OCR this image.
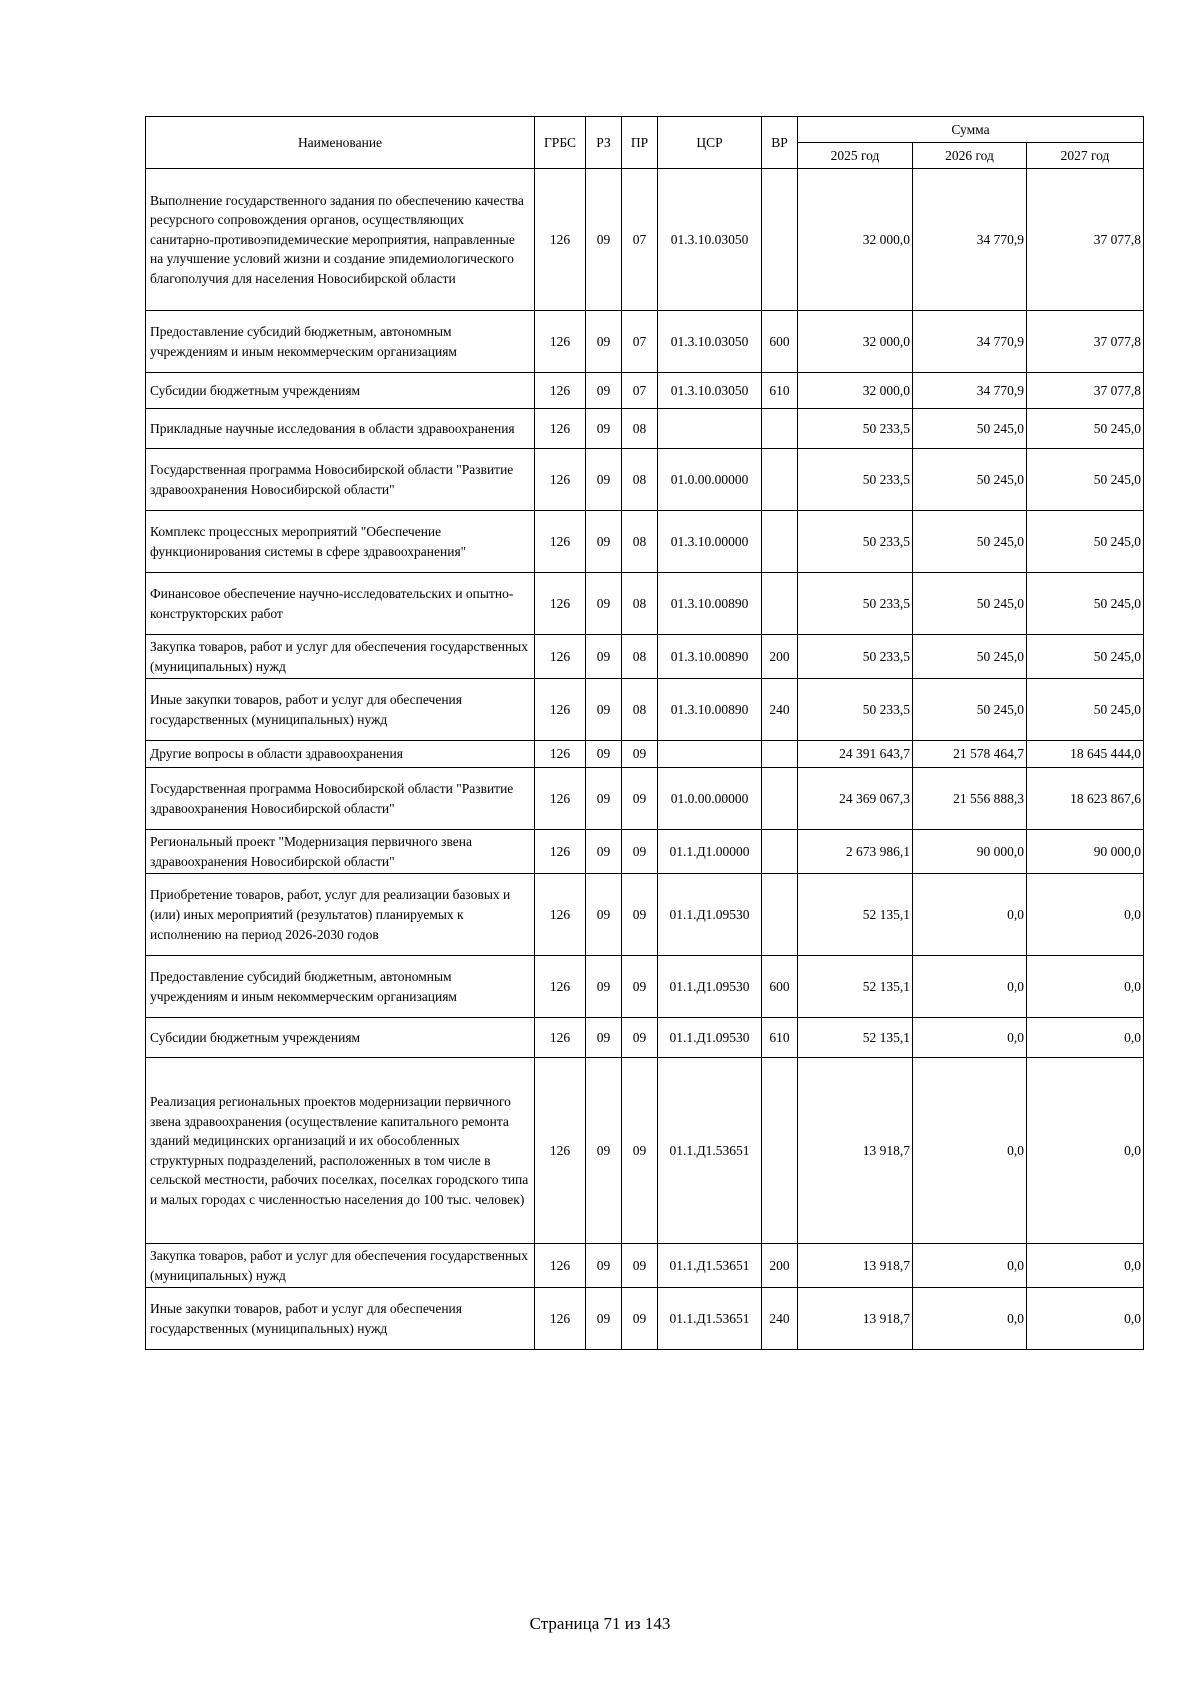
Наименование	ГРБС	РЗ	ПР	ЦСР	ВР	Сумма		
						2025 год	2026 год	2027 год
Выполнение государственного задания по обеспечению качества ресурсного сопровождения органов, осуществляющих санитарно-противоэпидемические мероприятия, направленные на улучшение условий жизни и создание эпидемиологического благополучия для населения Новосибирской области	126	09	07	01.3.10.03050		32 000,0	34 770,9	37 077,8
Предоставление субсидий бюджетным, автономным учреждениям и иным некоммерческим организациям	126	09	07	01.3.10.03050	600	32 000,0	34 770,9	37 077,8
Субсидии бюджетным учреждениям	126	09	07	01.3.10.03050	610	32 000,0	34 770,9	37 077,8
Прикладные научные исследования в области здравоохранения	126	09	08			50 233,5	50 245,0	50 245,0
Государственная программа Новосибирской области "Развитие здравоохранения Новосибирской области"	126	09	08	01.0.00.00000		50 233,5	50 245,0	50 245,0
Комплекс процессных мероприятий "Обеспечение функционирования системы в сфере здравоохранения"	126	09	08	01.3.10.00000		50 233,5	50 245,0	50 245,0
Финансовое обеспечение научно-исследовательских и опытно-конструкторских работ	126	09	08	01.3.10.00890		50 233,5	50 245,0	50 245,0
Закупка товаров, работ и услуг для обеспечения государственных (муниципальных) нужд	126	09	08	01.3.10.00890	200	50 233,5	50 245,0	50 245,0
Иные закупки товаров, работ и услуг для обеспечения государственных (муниципальных) нужд	126	09	08	01.3.10.00890	240	50 233,5	50 245,0	50 245,0
Другие вопросы в области здравоохранения	126	09	09			24 391 643,7	21 578 464,7	18 645 444,0
Государственная программа Новосибирской области "Развитие здравоохранения Новосибирской области"	126	09	09	01.0.00.00000		24 369 067,3	21 556 888,3	18 623 867,6
Региональный проект "Модернизация первичного звена здравоохранения Новосибирской области"	126	09	09	01.1.Д1.00000		2 673 986,1	90 000,0	90 000,0
Приобретение товаров, работ, услуг для реализации базовых и (или) иных мероприятий (результатов) планируемых к исполнению на период 2026-2030 годов	126	09	09	01.1.Д1.09530		52 135,1	0,0	0,0
Предоставление субсидий бюджетным, автономным учреждениям и иным некоммерческим организациям	126	09	09	01.1.Д1.09530	600	52 135,1	0,0	0,0
Субсидии бюджетным учреждениям	126	09	09	01.1.Д1.09530	610	52 135,1	0,0	0,0
Реализация региональных проектов модернизации первичного звена здравоохранения (осуществление капитального ремонта зданий медицинских организаций и их обособленных структурных подразделений, расположенных в том числе в сельской местности, рабочих поселках, поселках городского типа и малых городах с численностью населения до 100 тыс. человек)	126	09	09	01.1.Д1.53651		13 918,7	0,0	0,0
Закупка товаров, работ и услуг для обеспечения государственных (муниципальных) нужд	126	09	09	01.1.Д1.53651	200	13 918,7	0,0	0,0
Иные закупки товаров, работ и услуг для обеспечения государственных (муниципальных) нужд	126	09	09	01.1.Д1.53651	240	13 918,7	0,0	0,0
Страница 71 из 143
